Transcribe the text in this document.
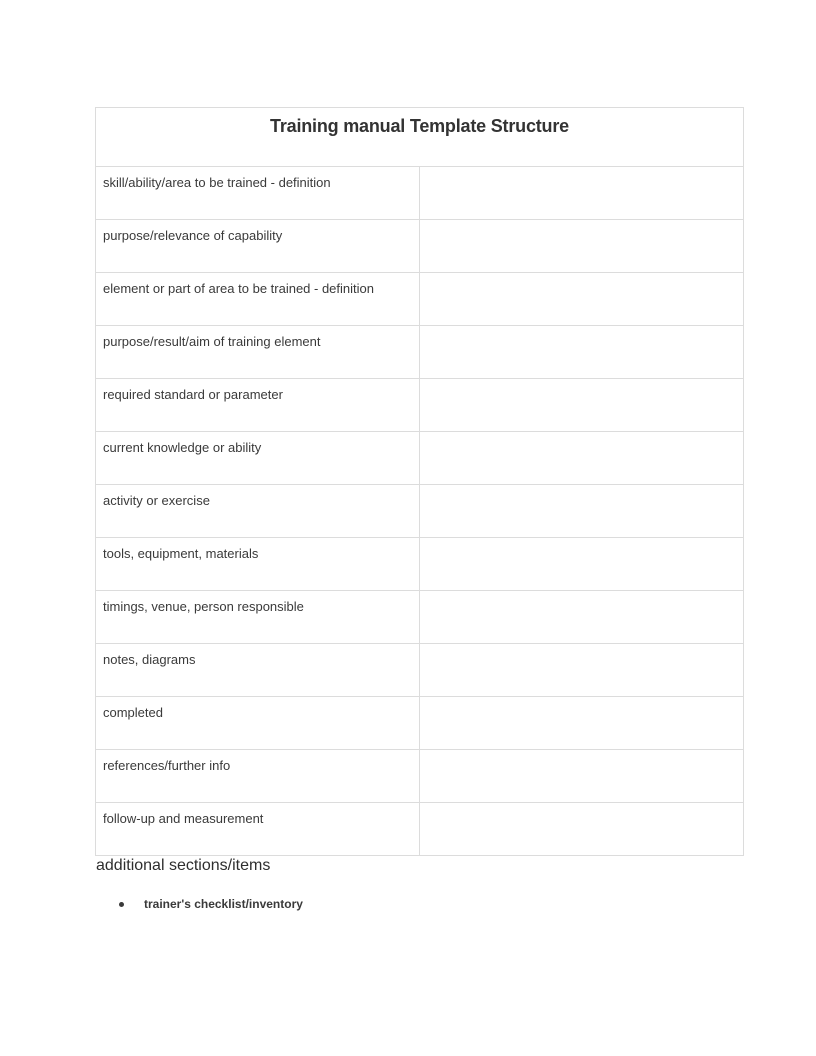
Training manual Template Structure	

skill/ability/area to be trained - definition	

purpose/relevance of capability	

element or part of area to be trained - definition	

purpose/result/aim of training element	

required standard or parameter	

current knowledge or ability	

activity or exercise	

tools, equipment, materials	

timings, venue, person responsible	

notes, diagrams	

completed	

references/further info	

follow-up and measurement	

additional sections/items
trainer's checklist/inventory
